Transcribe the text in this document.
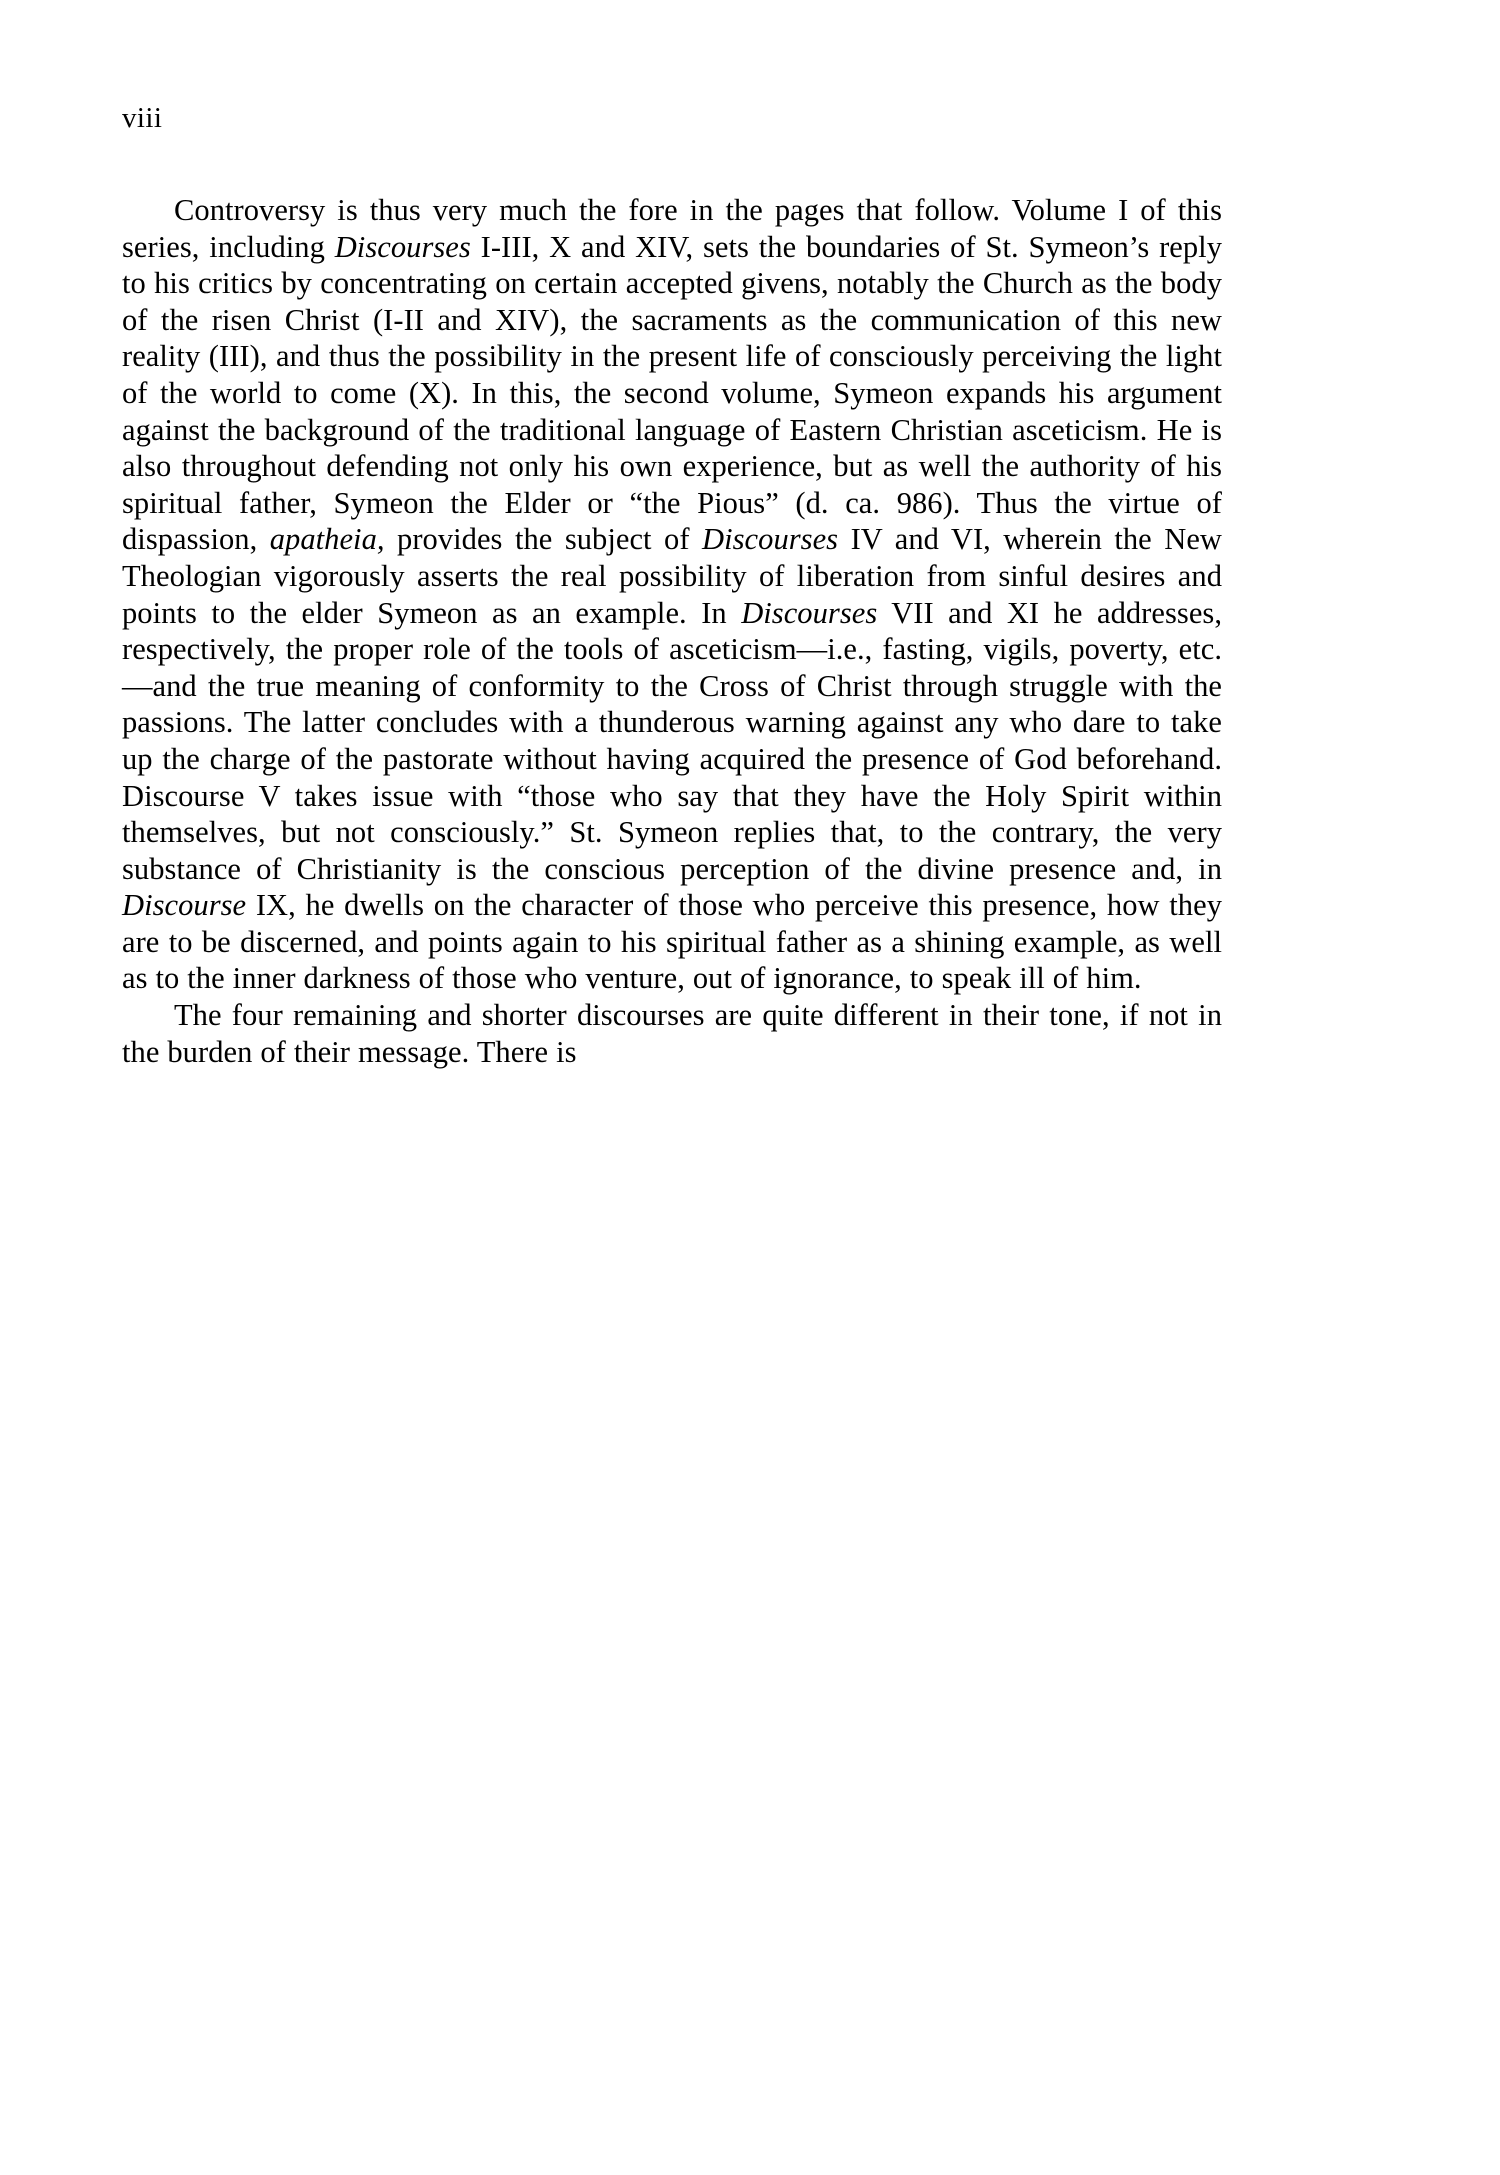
viii

Controversy is thus very much the fore in the pages that follow. Volume I of this series, including Discourses I-III, X and XIV, sets the boundaries of St. Symeon’s reply to his critics by concentrating on certain accepted givens, notably the Church as the body of the risen Christ (I-II and XIV), the sacraments as the communication of this new reality (III), and thus the possibility in the present life of consciously perceiving the light of the world to come (X). In this, the second volume, Symeon expands his argument against the background of the traditional language of Eastern Christian asceticism. He is also throughout defending not only his own experience, but as well the authority of his spiritual father, Symeon the Elder or “the Pious” (d. ca. 986). Thus the virtue of dispassion, apatheia, provides the subject of Discourses IV and VI, wherein the New Theologian vigorously asserts the real possibility of liberation from sinful desires and points to the elder Symeon as an example. In Discourses VII and XI he addresses, respectively, the proper role of the tools of asceticism—i.e., fasting, vigils, poverty, etc.—and the true meaning of conformity to the Cross of Christ through struggle with the passions. The latter concludes with a thunderous warning against any who dare to take up the charge of the pastorate without having acquired the presence of God beforehand. Discourse V takes issue with “those who say that they have the Holy Spirit within themselves, but not consciously.” St. Symeon replies that, to the contrary, the very substance of Christianity is the conscious perception of the divine presence and, in Discourse IX, he dwells on the character of those who perceive this presence, how they are to be discerned, and points again to his spiritual father as a shining example, as well as to the inner darkness of those who venture, out of ignorance, to speak ill of him.

The four remaining and shorter discourses are quite different in their tone, if not in the burden of their message. There is
